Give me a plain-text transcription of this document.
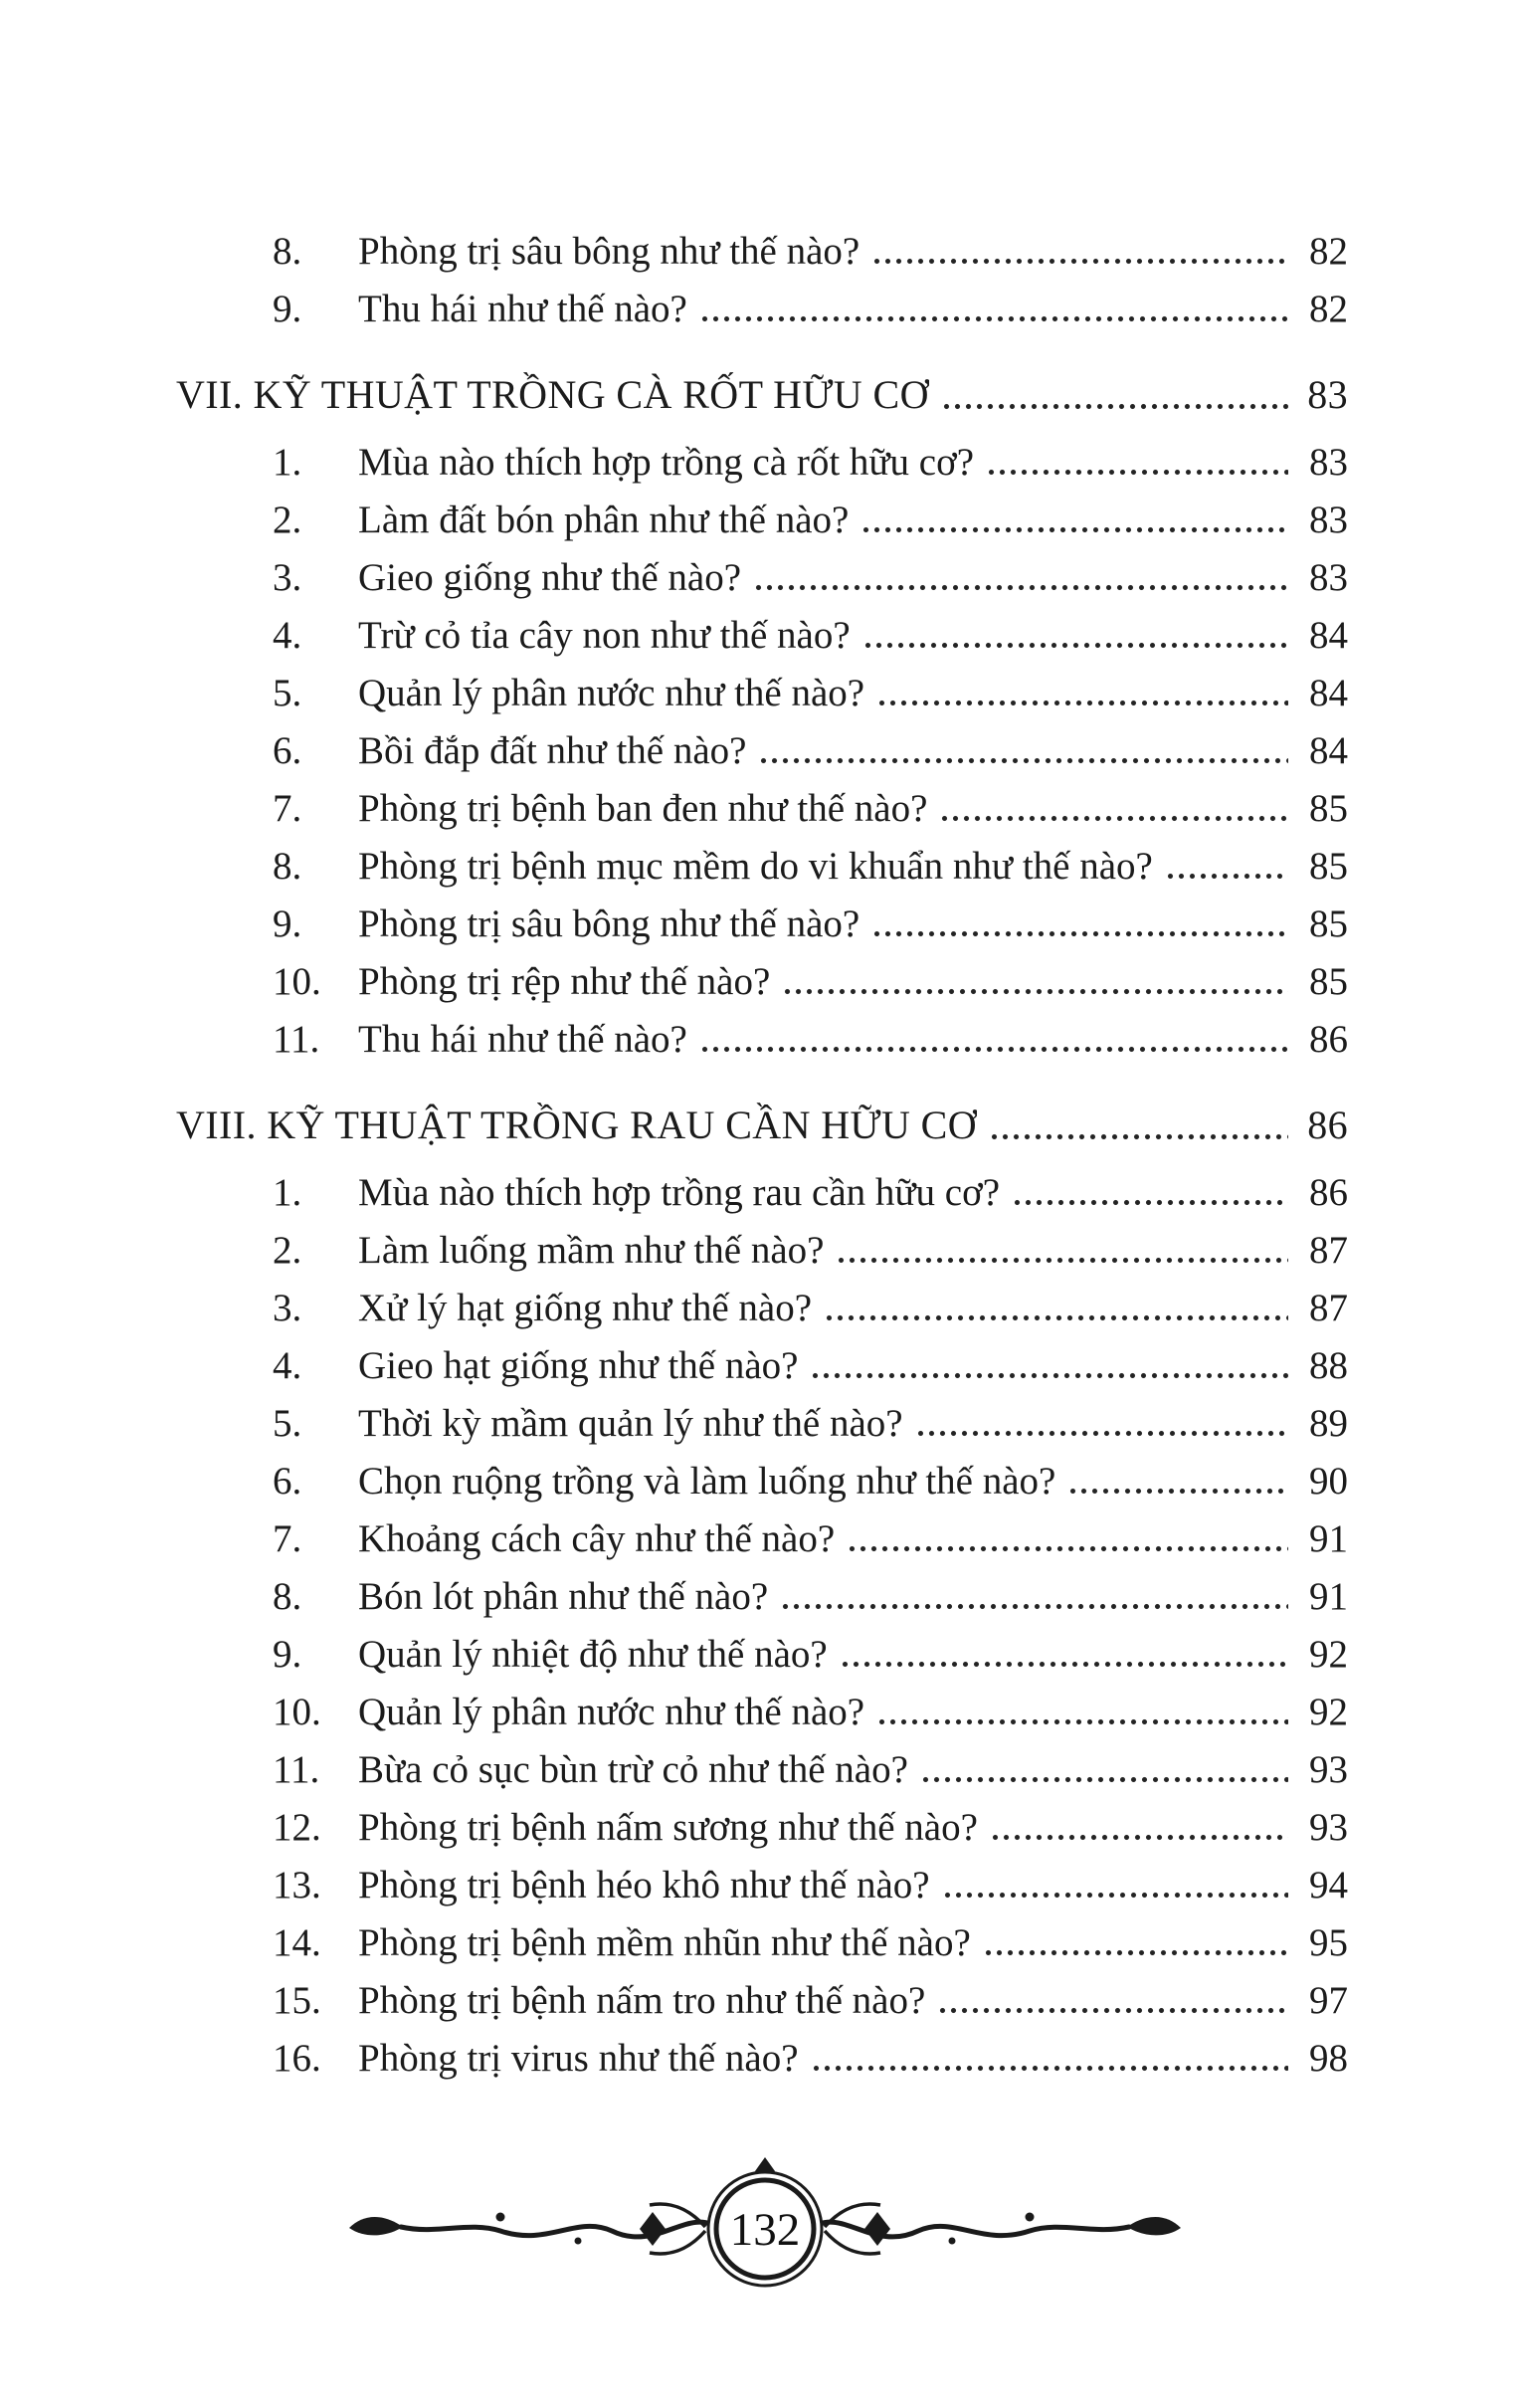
8.	Phòng trị sâu bông như thế nào?	82
9.	Thu hái như thế nào?	82
VII. KỸ THUẬT TRỒNG CÀ RỐT HỮU CƠ	83
1.	Mùa nào thích hợp trồng cà rốt hữu cơ?	83
2.	Làm đất bón phân như thế nào?	83
3.	Gieo giống như thế nào?	83
4.	Trừ cỏ tỉa cây non như thế nào?	84
5.	Quản lý phân nước như thế nào?	84
6.	Bồi đắp đất như thế nào?	84
7.	Phòng trị bệnh ban đen như thế nào?	85
8.	Phòng trị bệnh mục mềm do vi khuẩn như thế nào?	85
9.	Phòng trị sâu bông như thế nào?	85
10. Phòng trị rệp như thế nào?	85
11. Thu hái như thế nào?	86
VIII. KỸ THUẬT TRỒNG RAU CẦN HỮU CƠ	86
1.	Mùa nào thích hợp trồng rau cần hữu cơ?	86
2.	Làm luống mầm như thế nào?	87
3.	Xử lý hạt giống như thế nào?	87
4.	Gieo hạt giống như thế nào?	88
5.	Thời kỳ mầm quản lý như thế nào?	89
6.	Chọn ruộng trồng và làm luống như thế nào?	90
7.	Khoảng cách cây như thế nào?	91
8.	Bón lót phân như thế nào?	91
9.	Quản lý nhiệt độ như thế nào?	92
10. Quản lý phân nước như thế nào?	92
11. Bừa cỏ sục bùn trừ cỏ như thế nào?	93
12. Phòng trị bệnh nấm sương như thế nào?	93
13. Phòng trị bệnh héo khô như thế nào?	94
14. Phòng trị bệnh mềm nhũn như thế nào?	95
15. Phòng trị bệnh nấm tro như thế nào?	97
16. Phòng trị virus như thế nào?	98
132
